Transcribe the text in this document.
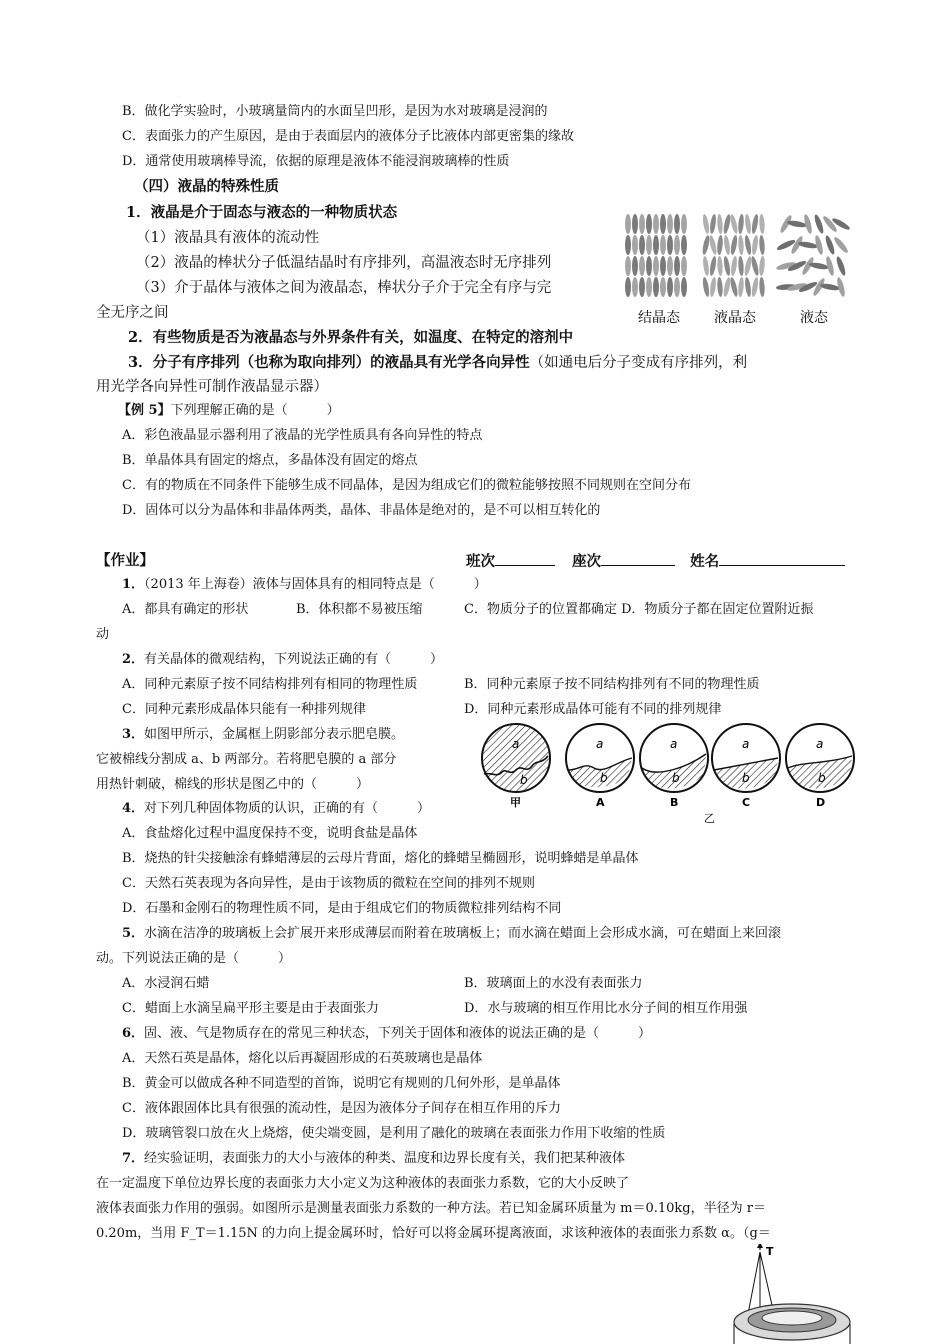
B．做化学实验时，小玻璃量筒内的水面呈凹形，是因为水对玻璃是浸润的
C．表面张力的产生原因，是由于表面层内的液体分子比液体内部更密集的缘故
D．通常使用玻璃棒导流，依据的原理是液体不能浸润玻璃棒的性质
（四）液晶的特殊性质
1．液晶是介于固态与液态的一种物质状态
（1）液晶具有液体的流动性
（2）液晶的棒状分子低温结晶时有序排列，高温液态时无序排列
（3）介于晶体与液体之间为液晶态，棒状分子介于完全有序与完
全无序之间
2．有些物质是否为液晶态与外界条件有关，如温度、在特定的溶剂中
3．分子有序排列（也称为取向排列）的液晶具有光学各向异性（如通电后分子变成有序排列，利
用光学各向异性可制作液晶显示器）
结晶态 液晶态	液态
【例 5】下列理解正确的是（　　　）
A．彩色液晶显示器利用了液晶的光学性质具有各向异性的特点
B．单晶体具有固定的熔点，多晶体没有固定的熔点
C．有的物质在不同条件下能够生成不同晶体，是因为组成它们的微粒能够按照不同规则在空间分布
D．固体可以分为晶体和非晶体两类，晶体、非晶体是绝对的，是不可以相互转化的
【作业】	班次	座次	姓名
1．（2013 年上海卷）液体与固体具有的相同特点是（　　　）
A．都具有确定的形状	B．体积都不易被压缩	C．物质分子的位置都确定 D．物质分子都在固定位置附近振
动
2．有关晶体的微观结构，下列说法正确的有（　　　）
A．同种元素原子按不同结构排列有相同的物理性质	B．同种元素原子按不同结构排列有不同的物理性质
C．同种元素形成晶体只能有一种排列规律	D．同种元素形成晶体可能有不同的排列规律
3．如图甲所示，金属框上阴影部分表示肥皂膜。
它被棉线分割成 a、b 两部分。若将肥皂膜的 a 部分
用热针刺破，棉线的形状是图乙中的（　　　）
a
b
a
b
a
b
a
b
a
b
甲	A	B	C	D
乙
4．对下列几种固体物质的认识，正确的有（　　　）
A．食盐熔化过程中温度保持不变，说明食盐是晶体
B．烧热的针尖接触涂有蜂蜡薄层的云母片背面，熔化的蜂蜡呈椭圆形，说明蜂蜡是单晶体
C．天然石英表现为各向异性，是由于该物质的微粒在空间的排列不规则
D．石墨和金刚石的物理性质不同，是由于组成它们的物质微粒排列结构不同
5．水滴在洁净的玻璃板上会扩展开来形成薄层而附着在玻璃板上；而水滴在蜡面上会形成水滴，可在蜡面上来回滚
动。下列说法正确的是（　　　）
A．水浸润石蜡	B．玻璃面上的水没有表面张力
C．蜡面上水滴呈扁平形主要是由于表面张力	D．水与玻璃的相互作用比水分子间的相互作用强
6．固、液、气是物质存在的常见三种状态，下列关于固体和液体的说法正确的是（　　　）
A．天然石英是晶体，熔化以后再凝固形成的石英玻璃也是晶体
B．黄金可以做成各种不同造型的首饰，说明它有规则的几何外形，是单晶体
C．液体跟固体比具有很强的流动性，是因为液体分子间存在相互作用的斥力
D．玻璃管裂口放在火上烧熔，使尖端变圆，是利用了融化的玻璃在表面张力作用下收缩的性质
7．经实验证明，表面张力的大小与液体的种类、温度和边界长度有关，我们把某种液体
在一定温度下单位边界长度的表面张力大小定义为这种液体的表面张力系数，它的大小反映了
液体表面张力作用的强弱。如图所示是测量表面张力系数的一种方法。若已知金属环质量为 m＝0.10kg，半径为 r＝
0.20m，当用 F_T＝1.15N 的力向上提金属环时，恰好可以将金属环提离液面，求该种液体的表面张力系数 α。（g＝
T
